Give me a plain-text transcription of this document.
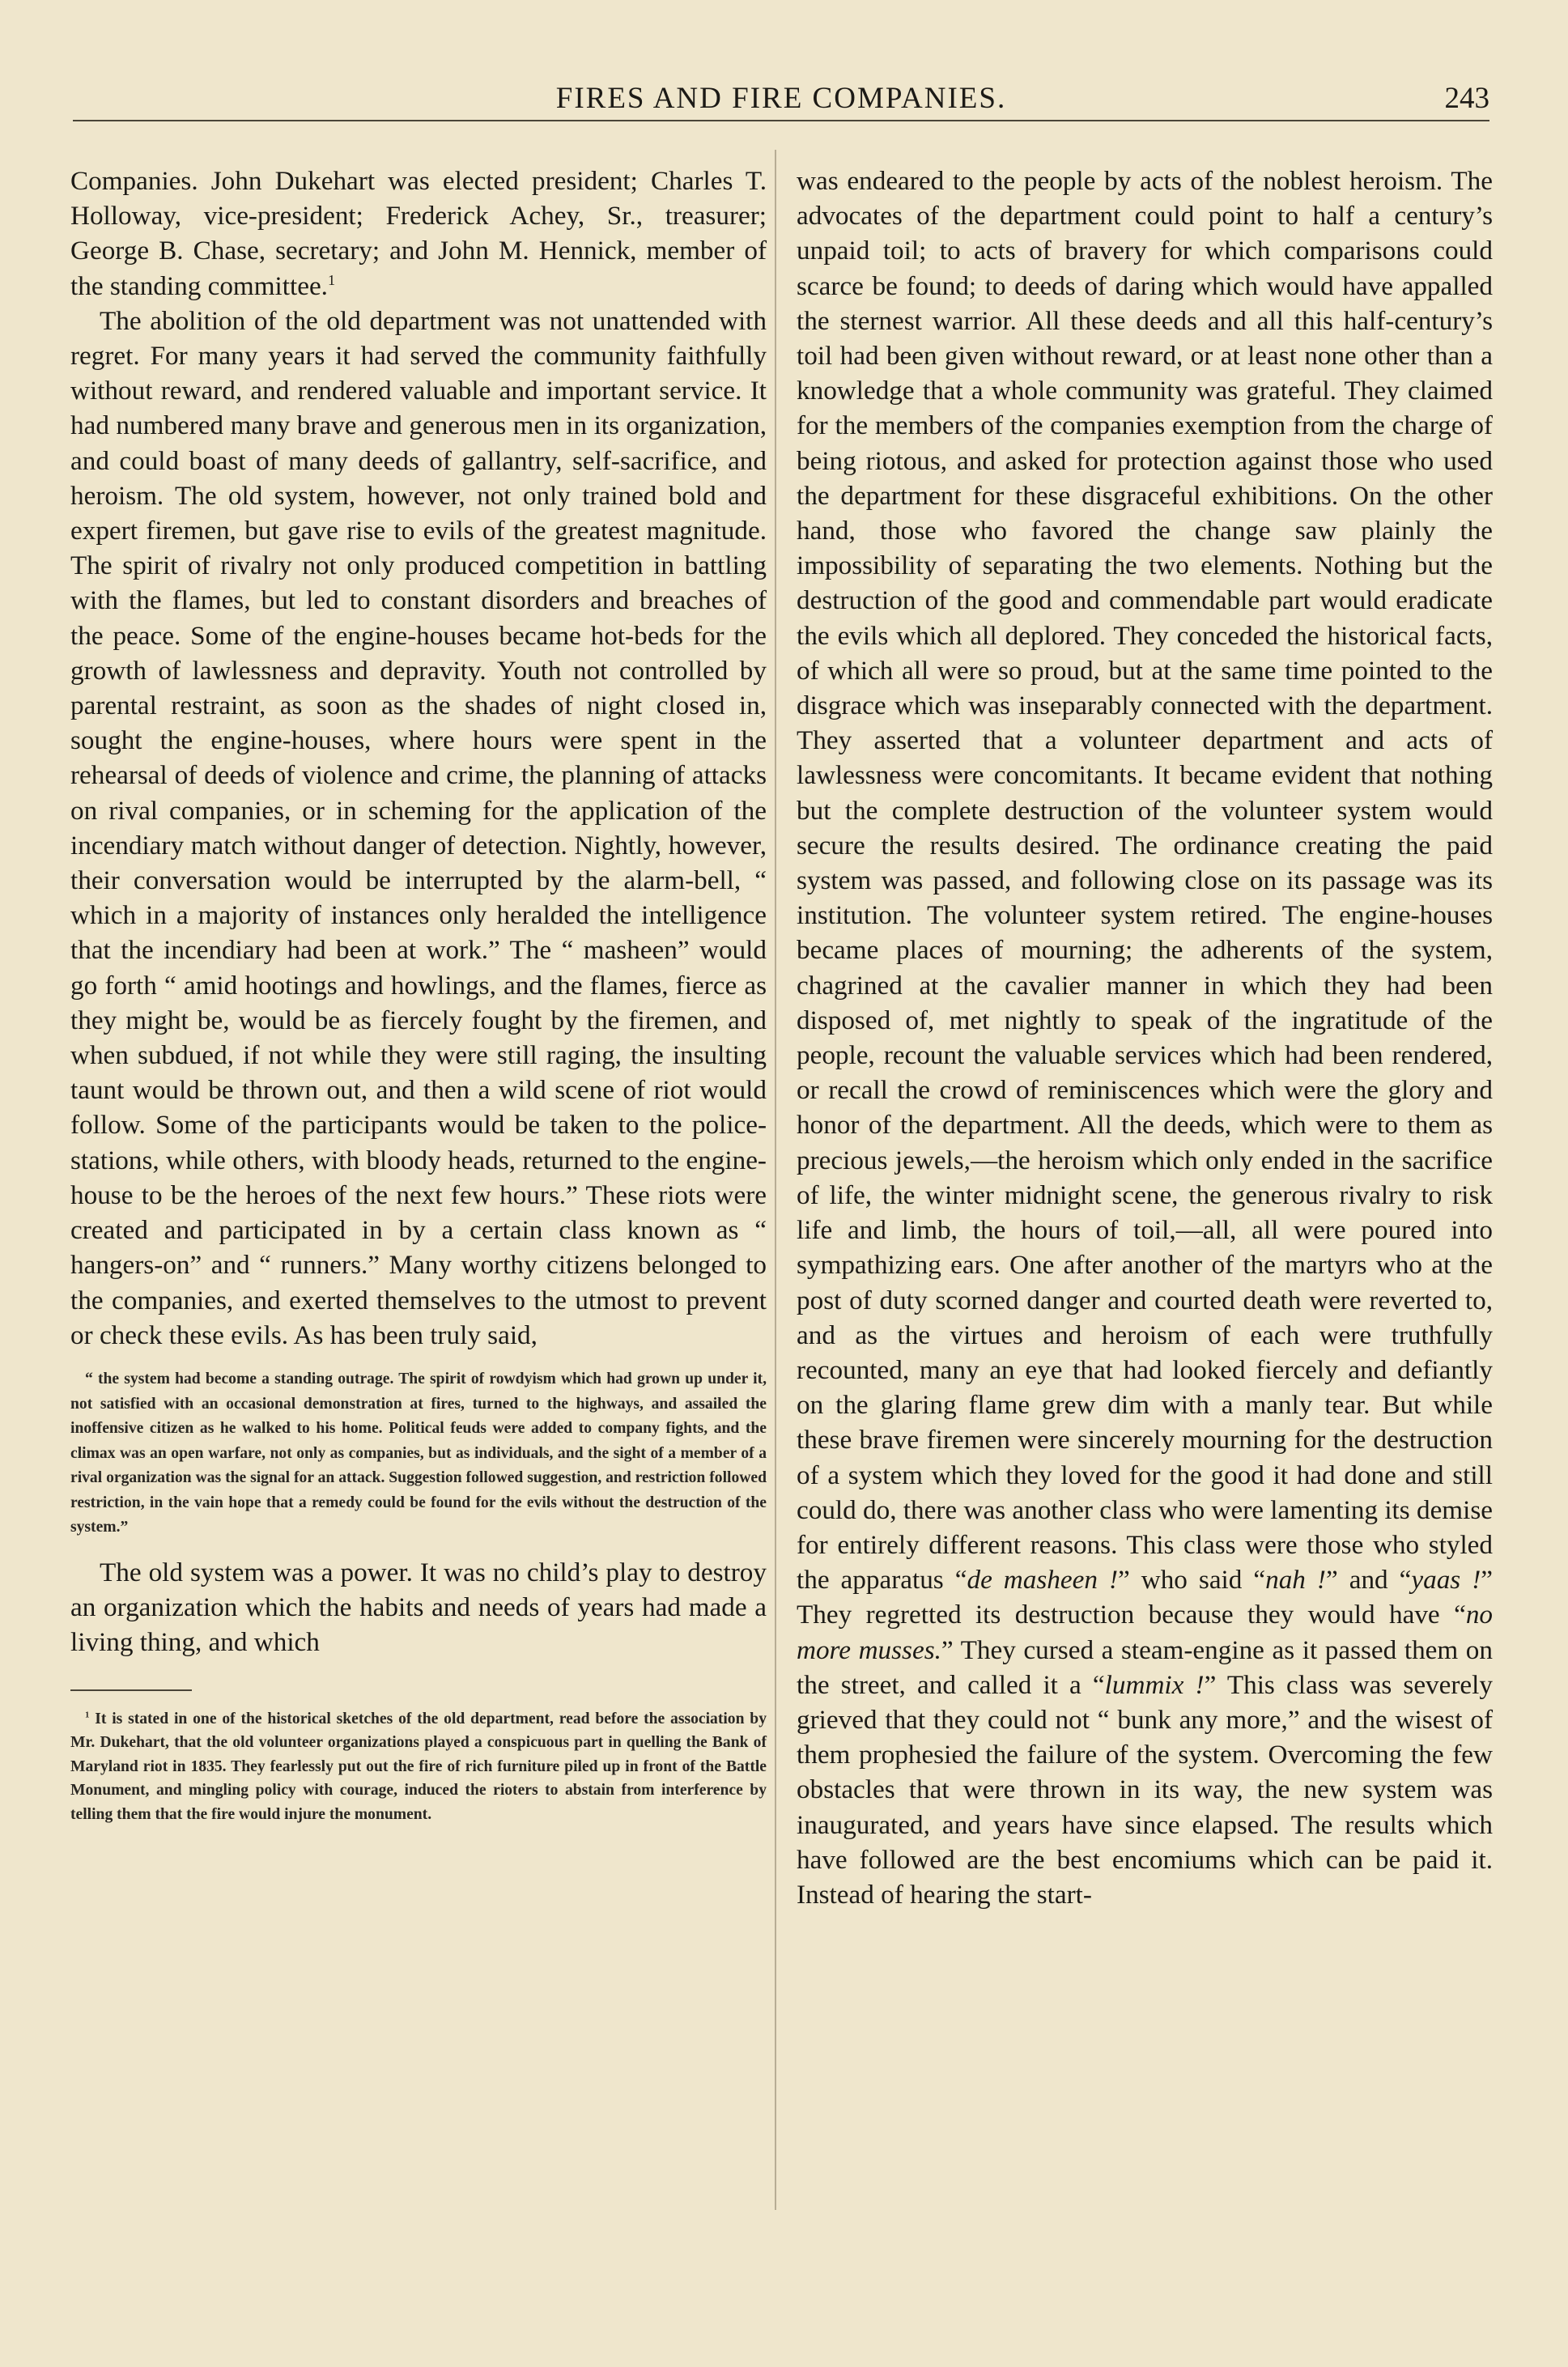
FIRES AND FIRE COMPANIES.	243

Companies. John Dukehart was elected president; Charles T. Holloway, vice-president; Frederick Achey, Sr., treasurer; George B. Chase, secretary; and John M. Hennick, member of the standing committee.$^1$

The abolition of the old department was not unattended with regret. For many years it had served the community faithfully without reward, and rendered valuable and important service. It had numbered many brave and generous men in its organization, and could boast of many deeds of gallantry, self-sacrifice, and heroism. The old system, however, not only trained bold and expert firemen, but gave rise to evils of the greatest magnitude. The spirit of rivalry not only produced competition in battling with the flames, but led to constant disorders and breaches of the peace. Some of the engine-houses became hot-beds for the growth of lawlessness and depravity. Youth not controlled by parental restraint, as soon as the shades of night closed in, sought the engine-houses, where hours were spent in the rehearsal of deeds of violence and crime, the planning of attacks on rival companies, or in scheming for the application of the incendiary match without danger of detection. Nightly, however, their conversation would be interrupted by the alarm-bell, “ which in a majority of instances only heralded the intelligence that the incendiary had been at work.” The “ masheen” would go forth “ amid hootings and howlings, and the flames, fierce as they might be, would be as fiercely fought by the firemen, and when subdued, if not while they were still raging, the insulting taunt would be thrown out, and then a wild scene of riot would follow. Some of the participants would be taken to the police-stations, while others, with bloody heads, returned to the engine-house to be the heroes of the next few hours.” These riots were created and participated in by a certain class known as “ hangers-on” and “ runners.” Many worthy citizens belonged to the companies, and exerted themselves to the utmost to prevent or check these evils. As has been truly said,

“ the system had become a standing outrage. The spirit of rowdyism which had grown up under it, not satisfied with an occasional demonstration at fires, turned to the highways, and assailed the inoffensive citizen as he walked to his home. Political feuds were added to company fights, and the climax was an open warfare, not only as companies, but as individuals, and the sight of a member of a rival organization was the signal for an attack. Suggestion followed suggestion, and restriction followed restriction, in the vain hope that a remedy could be found for the evils without the destruction of the system.”

The old system was a power. It was no child’s play to destroy an organization which the habits and needs of years had made a living thing, and which

$^1$ It is stated in one of the historical sketches of the old department, read before the association by Mr. Dukehart, that the old volunteer organizations played a conspicuous part in quelling the Bank of Maryland riot in 1835. They fearlessly put out the fire of rich furniture piled up in front of the Battle Monument, and mingling policy with courage, induced the rioters to abstain from interference by telling them that the fire would injure the monument.

was endeared to the people by acts of the noblest heroism. The advocates of the department could point to half a century’s unpaid toil; to acts of bravery for which comparisons could scarce be found; to deeds of daring which would have appalled the sternest warrior. All these deeds and all this half-century’s toil had been given without reward, or at least none other than a knowledge that a whole community was grateful. They claimed for the members of the companies exemption from the charge of being riotous, and asked for protection against those who used the department for these disgraceful exhibitions. On the other hand, those who favored the change saw plainly the impossibility of separating the two elements. Nothing but the destruction of the good and commendable part would eradicate the evils which all deplored. They conceded the historical facts, of which all were so proud, but at the same time pointed to the disgrace which was inseparably connected with the department. They asserted that a volunteer department and acts of lawlessness were concomitants. It became evident that nothing but the complete destruction of the volunteer system would secure the results desired. The ordinance creating the paid system was passed, and following close on its passage was its institution. The volunteer system retired. The engine-houses became places of mourning; the adherents of the system, chagrined at the cavalier manner in which they had been disposed of, met nightly to speak of the ingratitude of the people, recount the valuable services which had been rendered, or recall the crowd of reminiscences which were the glory and honor of the department. All the deeds, which were to them as precious jewels,—the heroism which only ended in the sacrifice of life, the winter midnight scene, the generous rivalry to risk life and limb, the hours of toil,—all, all were poured into sympathizing ears. One after another of the martyrs who at the post of duty scorned danger and courted death were reverted to, and as the virtues and heroism of each were truthfully recounted, many an eye that had looked fiercely and defiantly on the glaring flame grew dim with a manly tear. But while these brave firemen were sincerely mourning for the destruction of a system which they loved for the good it had done and still could do, there was another class who were lamenting its demise for entirely different reasons. This class were those who styled the apparatus “de masheen !” who said “nah !” and “yaas !” They regretted its destruction because they would have “no more musses.” They cursed a steam-engine as it passed them on the street, and called it a “lummix !” This class was severely grieved that they could not “ bunk any more,” and the wisest of them prophesied the failure of the system. Overcoming the few obstacles that were thrown in its way, the new system was inaugurated, and years have since elapsed. The results which have followed are the best encomiums which can be paid it. Instead of hearing the start-
